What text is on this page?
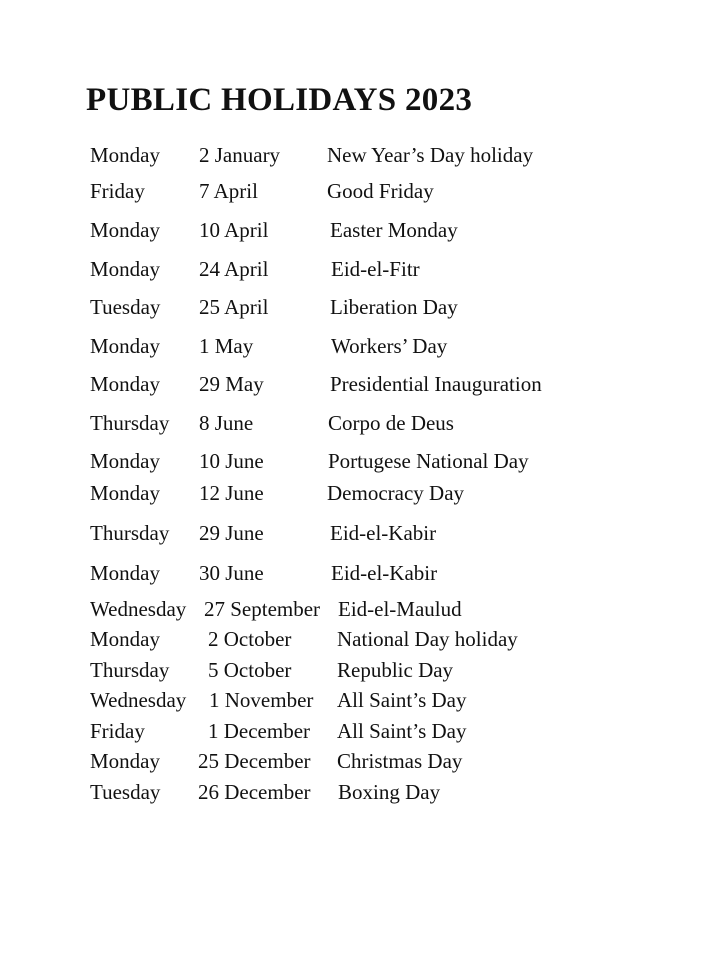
PUBLIC HOLIDAYS 2023
Monday 2 January New Year’s Day holiday
Friday	7 April	Good Friday
Monday 10 April	Easter Monday
Monday 24 April	Eid-el-Fitr
Tuesday 25 April	Liberation Day
Monday 1 May	Workers’ Day
Monday 29 May	Presidential Inauguration
Thursday 8 June	Corpo de Deus
Monday 10 June	Portugese National Day
Monday 12 June	Democracy Day
Thursday 29 June	Eid-el-Kabir
Monday 30 June	Eid-el-Kabir
Wednesday 27 September Eid-el-Maulud
Monday 2 October National Day holiday
Thursday 5 October Republic Day
Wednesday 1 November All Saint’s Day
Friday	1 December All Saint’s Day
Monday 25 December Christmas Day
Tuesday 26 December Boxing Day
